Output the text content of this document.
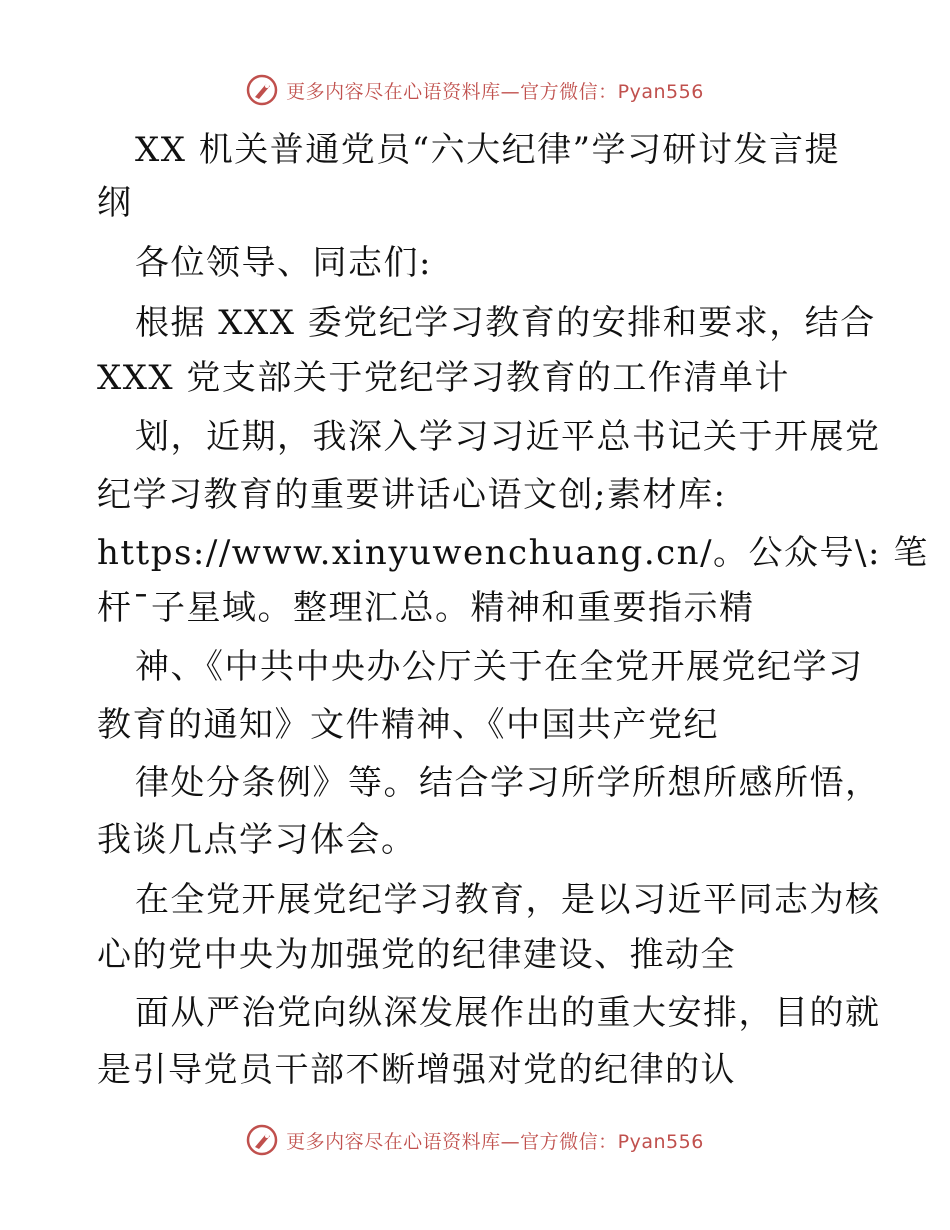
更多内容尽在心语资料库—官方微信：Pyan556
XX 机关普通党员“六大纪律”学习研讨发言提
纲
各位领导、同志们:
根据 XXX 委党纪学习教育的安排和要求，结合
XXX 党支部关于党纪学习教育的工作清单计
划，近期，我深入学习习近平总书记关于开展党
纪学习教育的重要讲话心语文创;素材库:
https://www.xinyuwenchuang.cn/。公众号\: 笔
杆¯子星域。整理汇总。精神和重要指示精
神、《中共中央办公厅关于在全党开展党纪学习
教育的通知》文件精神、《中国共产党纪
律处分条例》等。结合学习所学所想所感所悟，
我谈几点学习体会。
在全党开展党纪学习教育，是以习近平同志为核
心的党中央为加强党的纪律建设、推动全
面从严治党向纵深发展作出的重大安排，目的就
是引导党员干部不断增强对党的纪律的认
更多内容尽在心语资料库—官方微信：Pyan556
